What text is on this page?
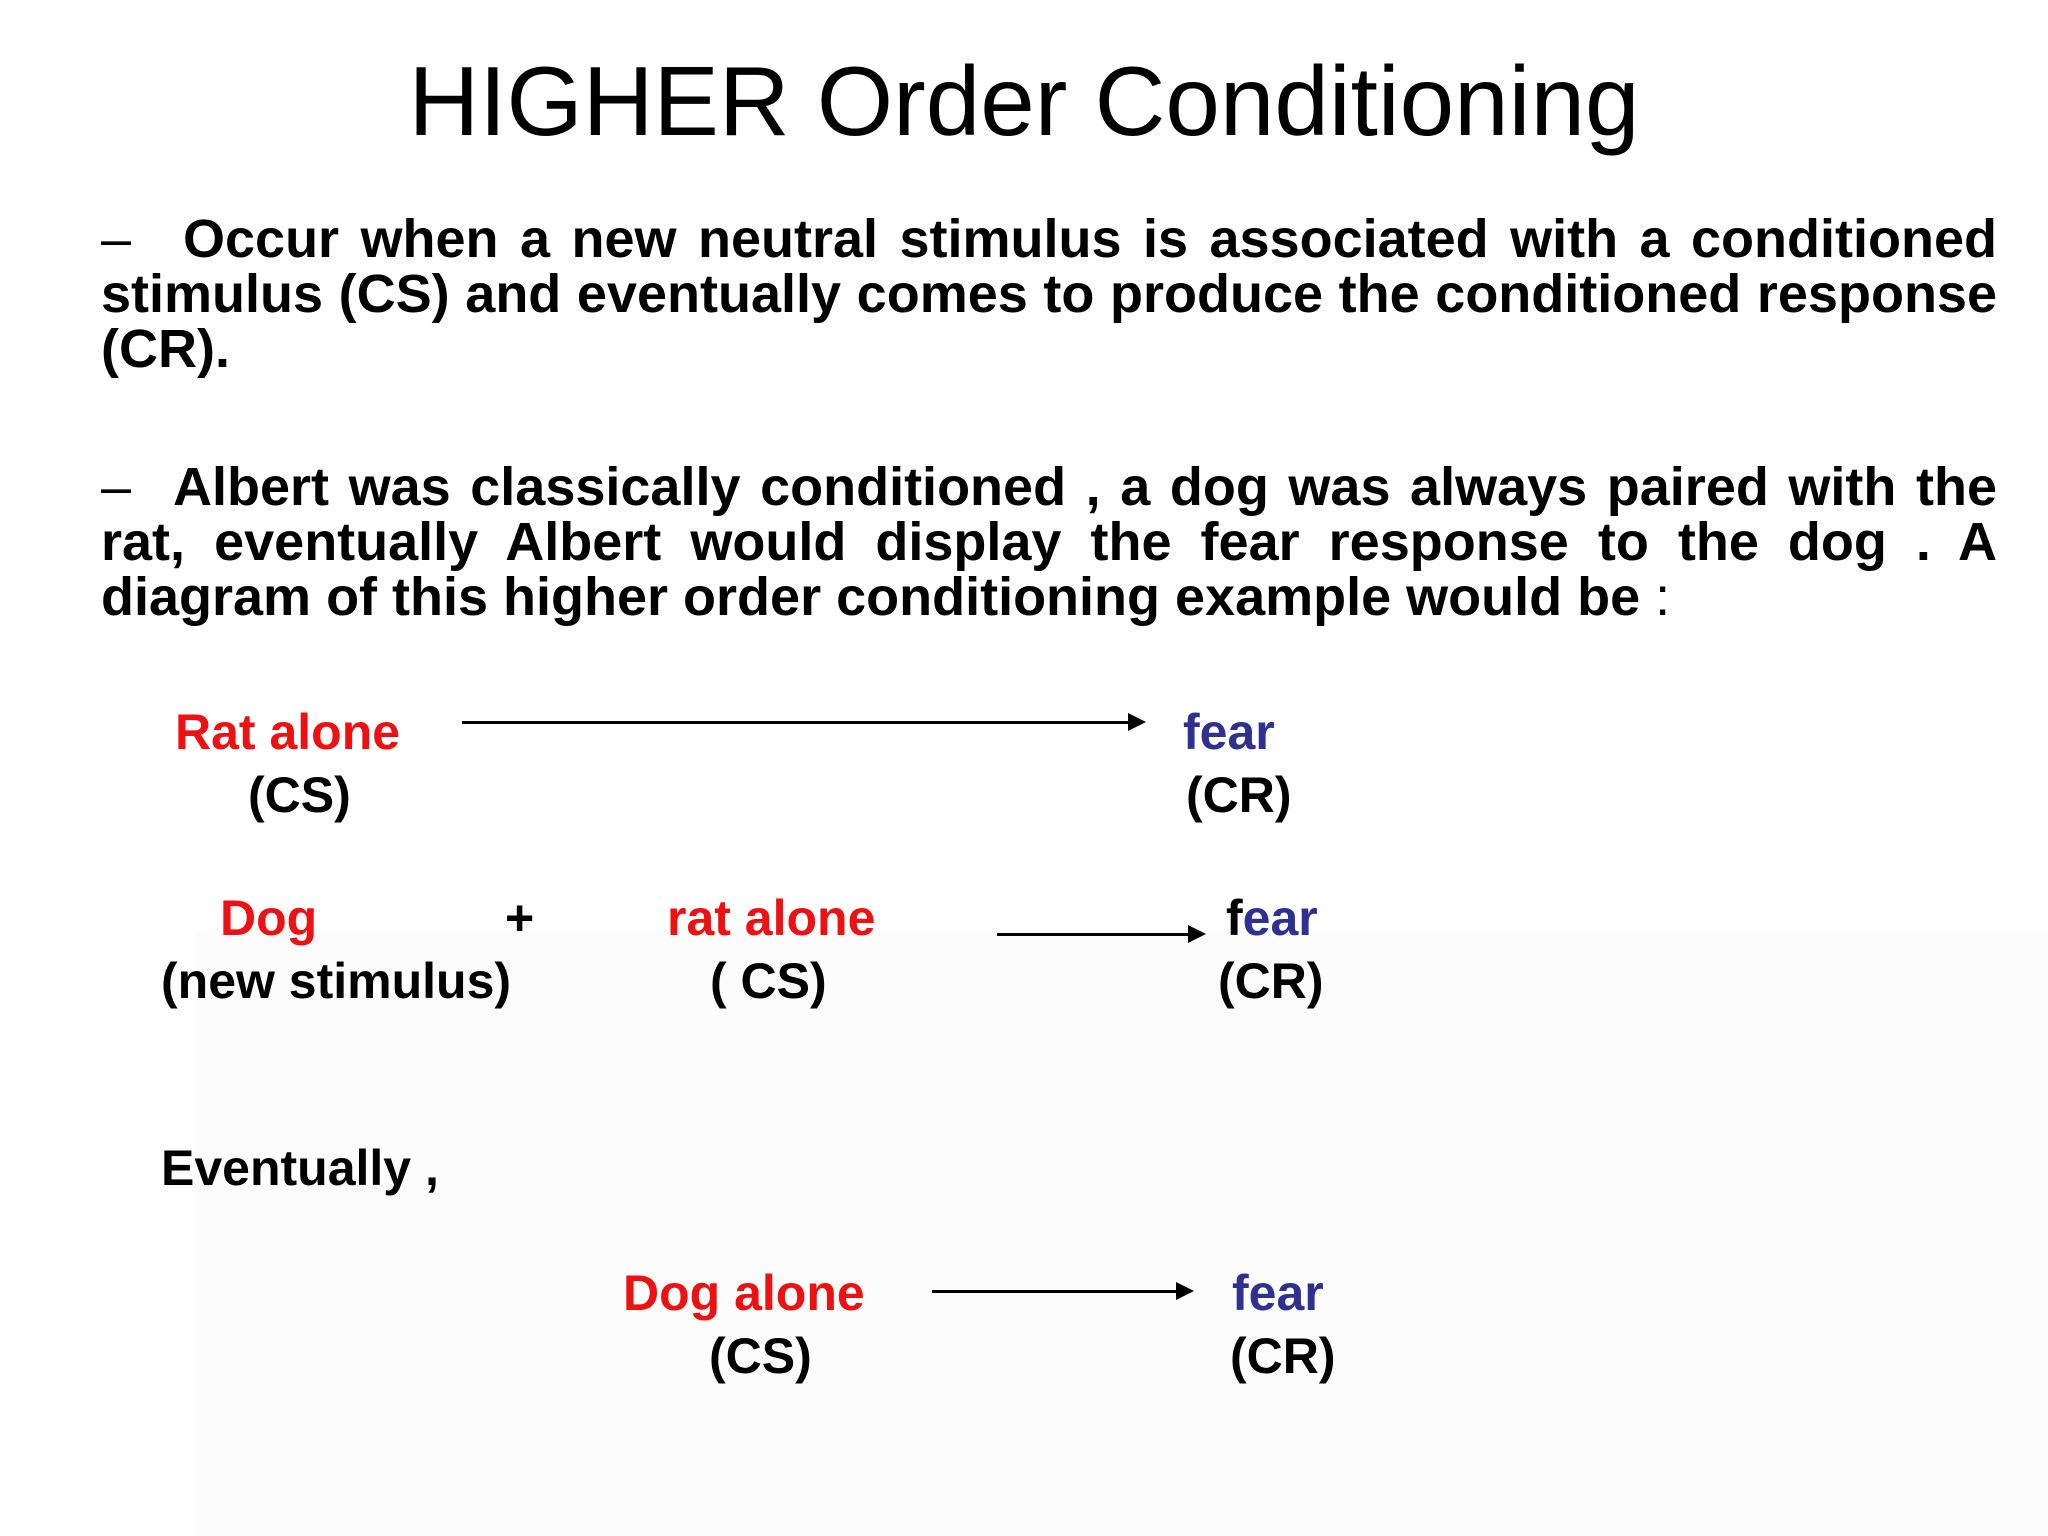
HIGHER Order Conditioning
– Occur when a new neutral stimulus is associated with a conditioned stimulus (CS) and eventually comes to produce the conditioned response (CR).
– Albert was classically conditioned , a dog was always paired with the rat, eventually Albert would display the fear response to the dog . A diagram of this higher order conditioning example would be :
Rat alone
(CS)
fear
(CR)
Dog
(new stimulus)
+	rat alone
( CS)
fear
(CR)
Eventually ,
Dog alone
(CS)
fear
(CR)
